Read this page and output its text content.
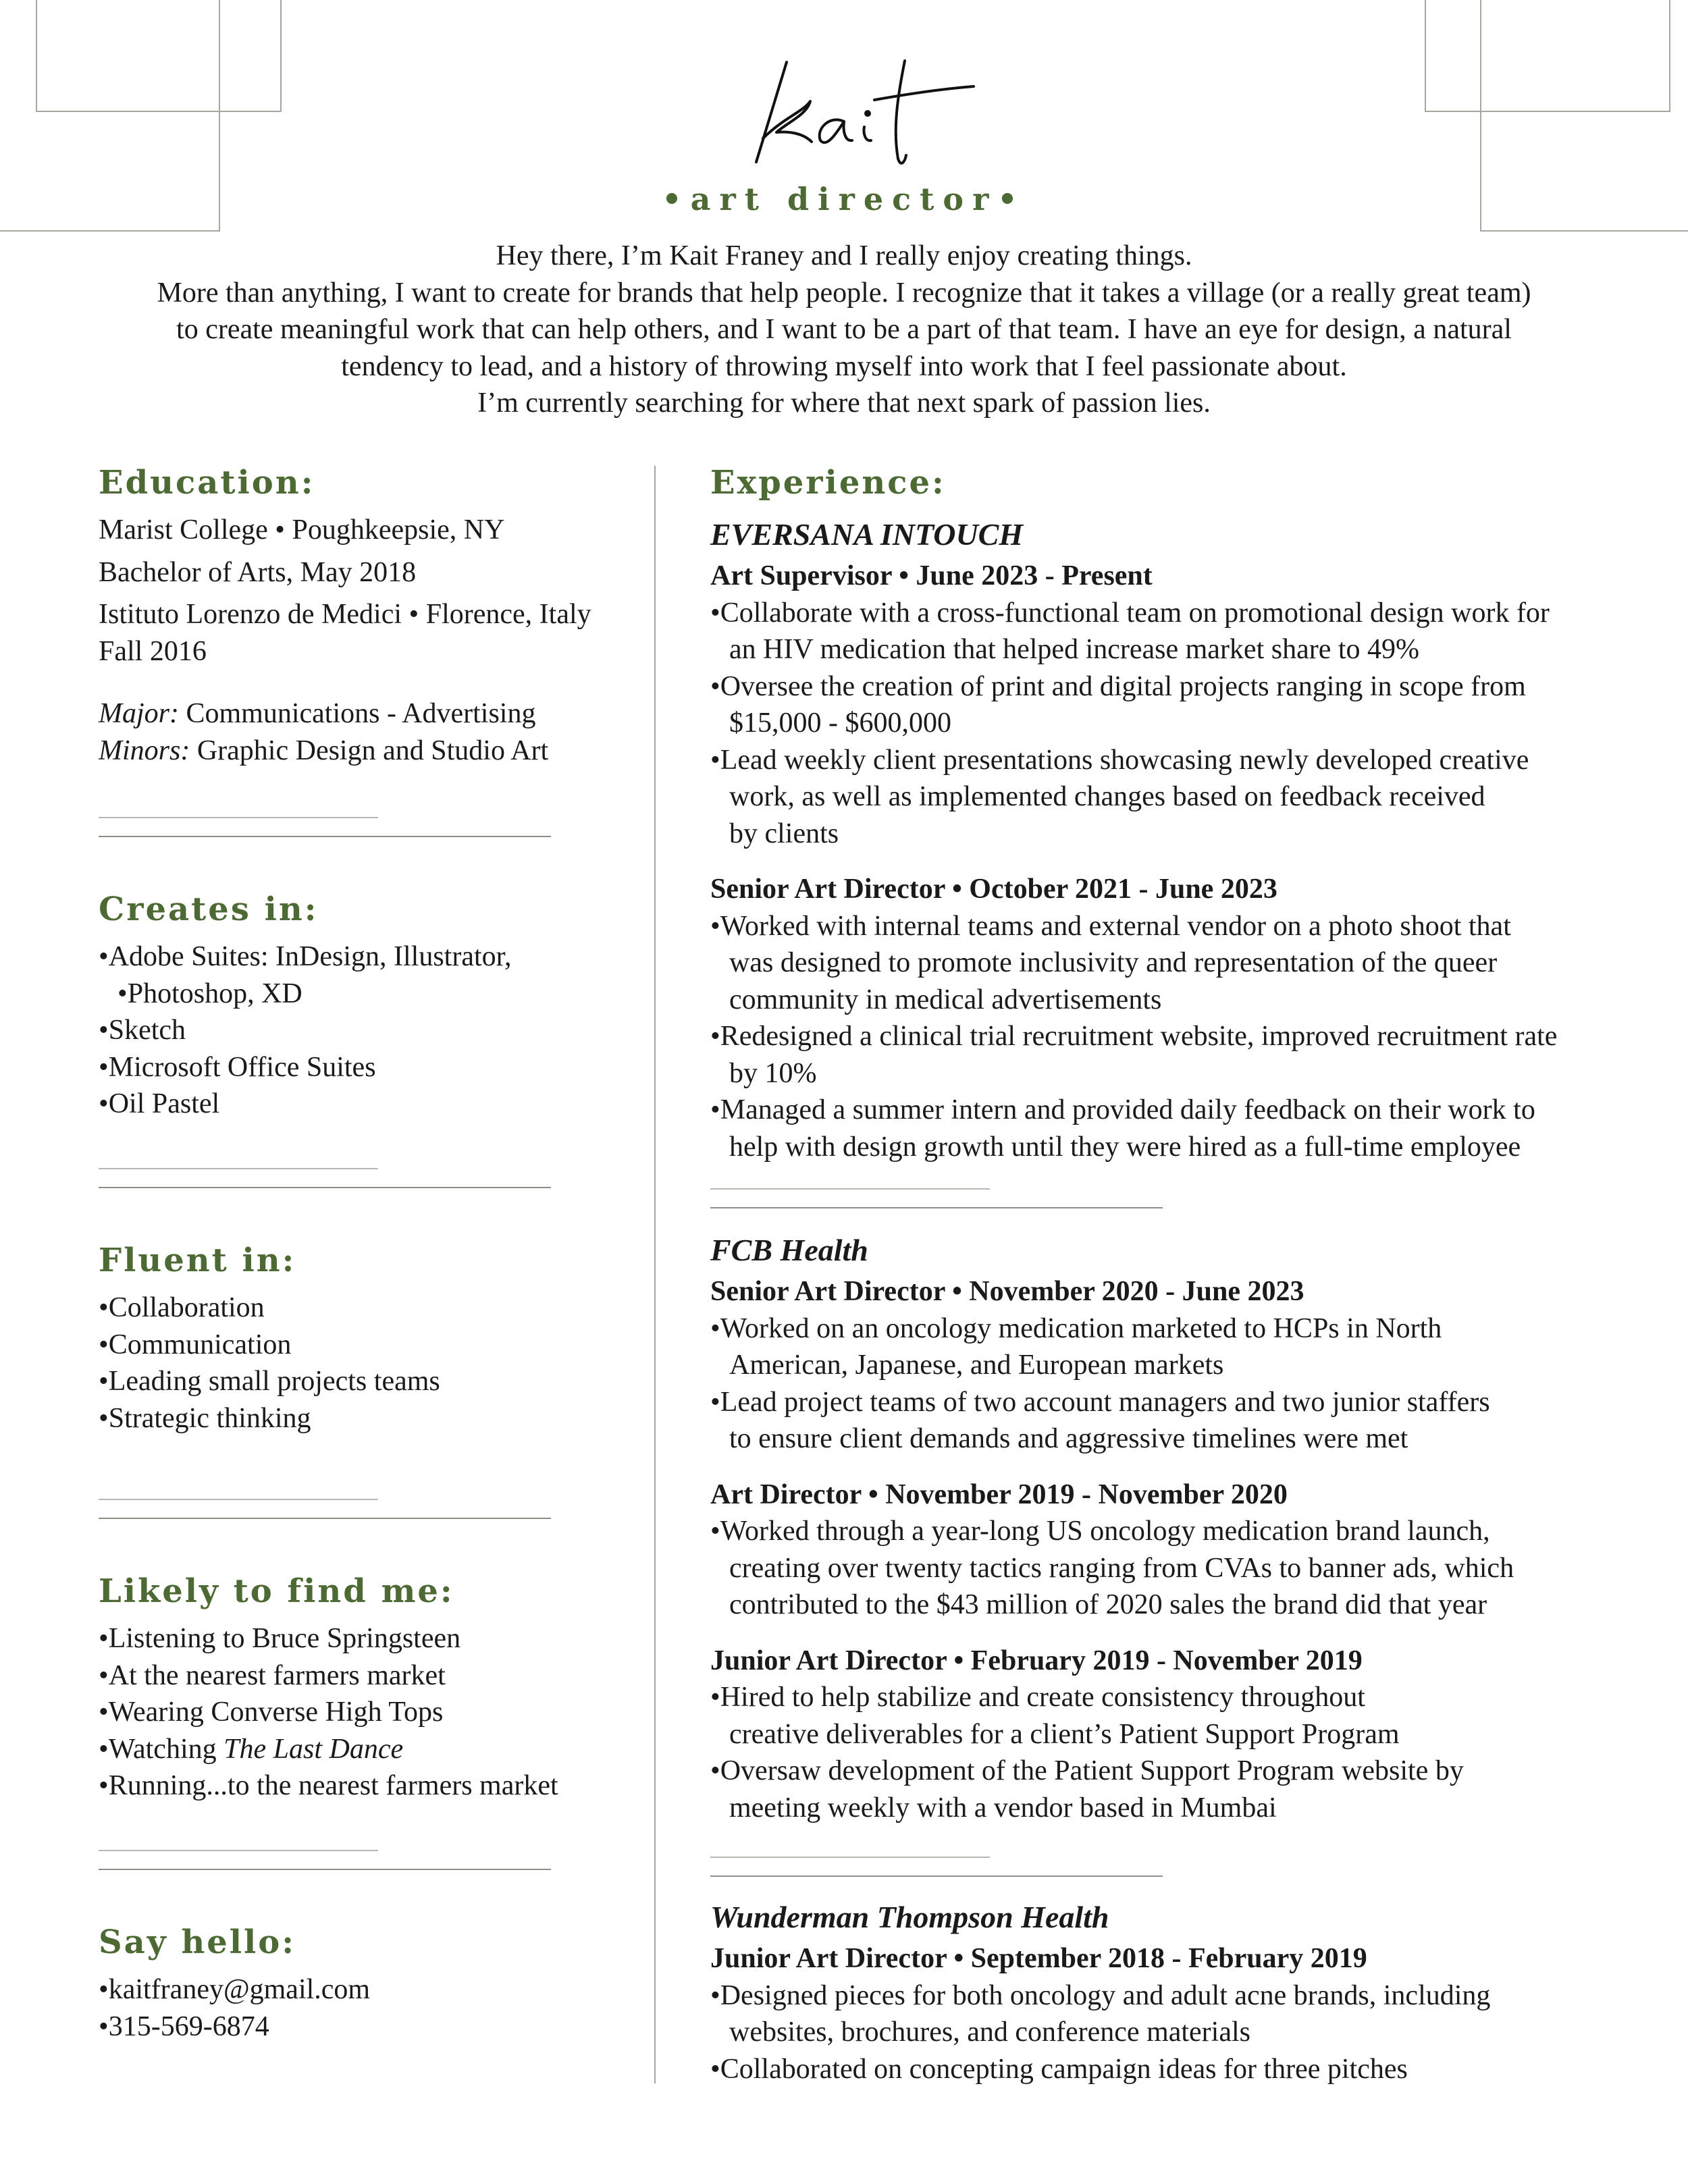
•art director•
Hey there, I’m Kait Franey and I really enjoy creating things.
More than anything, I want to create for brands that help people. I recognize that it takes a village (or a really great team)
to create meaningful work that can help others, and I want to be a part of that team. I have an eye for design, a natural
tendency to lead, and a history of throwing myself into work that I feel passionate about.
I’m currently searching for where that next spark of passion lies.
Education:
Marist College • Poughkeepsie, NY
Bachelor of Arts, May 2018
Istituto Lorenzo de Medici • Florence, Italy
Fall 2016
Major: Communications - Advertising
Minors: Graphic Design and Studio Art
Creates in:
• Adobe Suites: InDesign, Illustrator,
• Photoshop, XD
• Sketch
• Microsoft Office Suites
• Oil Pastel
Fluent in:
• Collaboration
• Communication
• Leading small projects teams
• Strategic thinking
Likely to find me:
• Listening to Bruce Springsteen
• At the nearest farmers market
• Wearing Converse High Tops
• Watching The Last Dance
• Running...to the nearest farmers market
Say hello:
• kaitfraney@gmail.com
• 315-569-6874
Experience:
EVERSANA INTOUCH
Art Supervisor • June 2023 - Present
• Collaborate with a cross-functional team on promotional design work for
an HIV medication that helped increase market share to 49%
• Oversee the creation of print and digital projects ranging in scope from
$15,000 - $600,000
• Lead weekly client presentations showcasing newly developed creative
work, as well as implemented changes based on feedback received
by clients
Senior Art Director • October 2021 - June 2023
• Worked with internal teams and external vendor on a photo shoot that
was designed to promote inclusivity and representation of the queer
community in medical advertisements
• Redesigned a clinical trial recruitment website, improved recruitment rate
by 10%
• Managed a summer intern and provided daily feedback on their work to
help with design growth until they were hired as a full-time employee
FCB Health
Senior Art Director • November 2020 - June 2023
• Worked on an oncology medication marketed to HCPs in North
American, Japanese, and European markets
• Lead project teams of two account managers and two junior staffers
to ensure client demands and aggressive timelines were met
Art Director • November 2019 - November 2020
• Worked through a year-long US oncology medication brand launch,
creating over twenty tactics ranging from CVAs to banner ads, which
contributed to the $43 million of 2020 sales the brand did that year
Junior Art Director • February 2019 - November 2019
• Hired to help stabilize and create consistency throughout
creative deliverables for a client’s Patient Support Program
• Oversaw development of the Patient Support Program website by
meeting weekly with a vendor based in Mumbai
Wunderman Thompson Health
Junior Art Director • September 2018 - February 2019
• Designed pieces for both oncology and adult acne brands, including
websites, brochures, and conference materials
• Collaborated on concepting campaign ideas for three pitches
